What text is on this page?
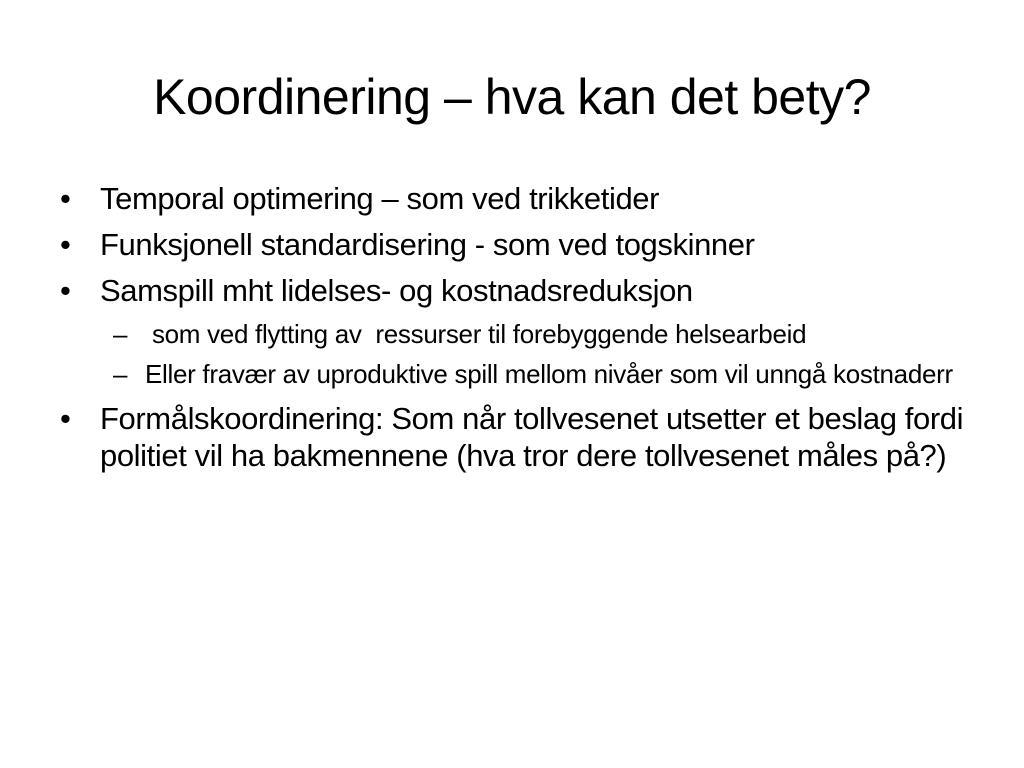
Koordinering – hva kan det bety?
• Temporal optimering – som ved trikketider
• Funksjonell standardisering - som ved togskinner
• Samspill mht lidelses- og kostnadsreduksjon
– som ved flytting av  ressurser til forebyggende helsearbeid
– Eller fravær av uproduktive spill mellom nivåer som vil unngå kostnaderr
• Formålskoordinering: Som når tollvesenet utsetter et beslag fordi politiet vil ha bakmennene (hva tror dere tollvesenet måles på?)
